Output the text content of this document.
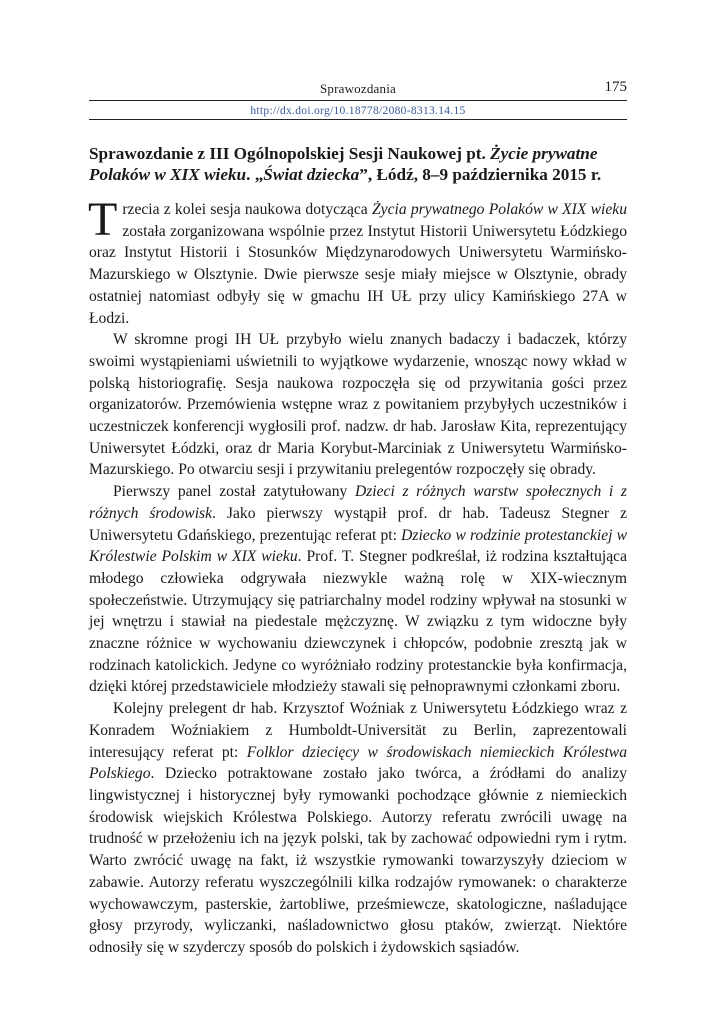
Sprawozdania	175
http://dx.doi.org/10.18778/2080-8313.14.15
Sprawozdanie z III Ogólnopolskiej Sesji Naukowej pt. Życie prywatne Polaków w XIX wieku. „Świat dziecka”, Łódź, 8–9 października 2015 r.

Trzecia z kolei sesja naukowa dotycząca Życia prywatnego Polaków w XIX wieku została zorganizowana wspólnie przez Instytut Historii Uniwersytetu Łódzkiego oraz Instytut Historii i Stosunków Międzynarodowych Uniwersytetu Warmińsko-Mazurskiego w Olsztynie. Dwie pierwsze sesje miały miejsce w Olsztynie, obrady ostatniej natomiast odbyły się w gmachu IH UŁ przy ulicy Kamińskiego 27A w Łodzi.

W skromne progi IH UŁ przybyło wielu znanych badaczy i badaczek, którzy swoimi wystąpieniami uświetnili to wyjątkowe wydarzenie, wnosząc nowy wkład w polską historiografię. Sesja naukowa rozpoczęła się od przywitania gości przez organizatorów. Przemówienia wstępne wraz z powitaniem przybyłych uczestników i uczestniczek konferencji wygłosili prof. nadzw. dr hab. Jarosław Kita, reprezentujący Uniwersytet Łódzki, oraz dr Maria Korybut-Marciniak z Uniwersytetu Warmińsko-Mazurskiego. Po otwarciu sesji i przywitaniu prelegentów rozpoczęły się obrady.

Pierwszy panel został zatytułowany Dzieci z różnych warstw społecznych i z różnych środowisk. Jako pierwszy wystąpił prof. dr hab. Tadeusz Stegner z Uniwersytetu Gdańskiego, prezentując referat pt: Dziecko w rodzinie protestanckiej w Królestwie Polskim w XIX wieku. Prof. T. Stegner podkreślał, iż rodzina kształtująca młodego człowieka odgrywała niezwykle ważną rolę w XIX-wiecznym społeczeństwie. Utrzymujący się patriarchalny model rodziny wpływał na stosunki w jej wnętrzu i stawiał na piedestale mężczyznę. W związku z tym widoczne były znaczne różnice w wychowaniu dziewczynek i chłopców, podobnie zresztą jak w rodzinach katolickich. Jedyne co wyróżniało rodziny protestanckie była konfirmacja, dzięki której przedstawiciele młodzieży stawali się pełnoprawnymi członkami zboru.

Kolejny prelegent dr hab. Krzysztof Woźniak z Uniwersytetu Łódzkiego wraz z Konradem Woźniakiem z Humboldt-Universität zu Berlin, zaprezentowali interesujący referat pt: Folklor dziecięcy w środowiskach niemieckich Królestwa Polskiego. Dziecko potraktowane zostało jako twórca, a źródłami do analizy lingwistycznej i historycznej były rymowanki pochodzące głównie z niemieckich środowisk wiejskich Królestwa Polskiego. Autorzy referatu zwrócili uwagę na trudność w przełożeniu ich na język polski, tak by zachować odpowiedni rym i rytm. Warto zwrócić uwagę na fakt, iż wszystkie rymowanki towarzyszyły dzieciom w zabawie. Autorzy referatu wyszczególnili kilka rodzajów rymowanek: o charakterze wychowawczym, pasterskie, żartobliwe, prześmiewcze, skatologiczne, naśladujące głosy przyrody, wyliczanki, naśladownictwo głosu ptaków, zwierząt. Niektóre odnosiły się w szyderczy sposób do polskich i żydowskich sąsiadów.
